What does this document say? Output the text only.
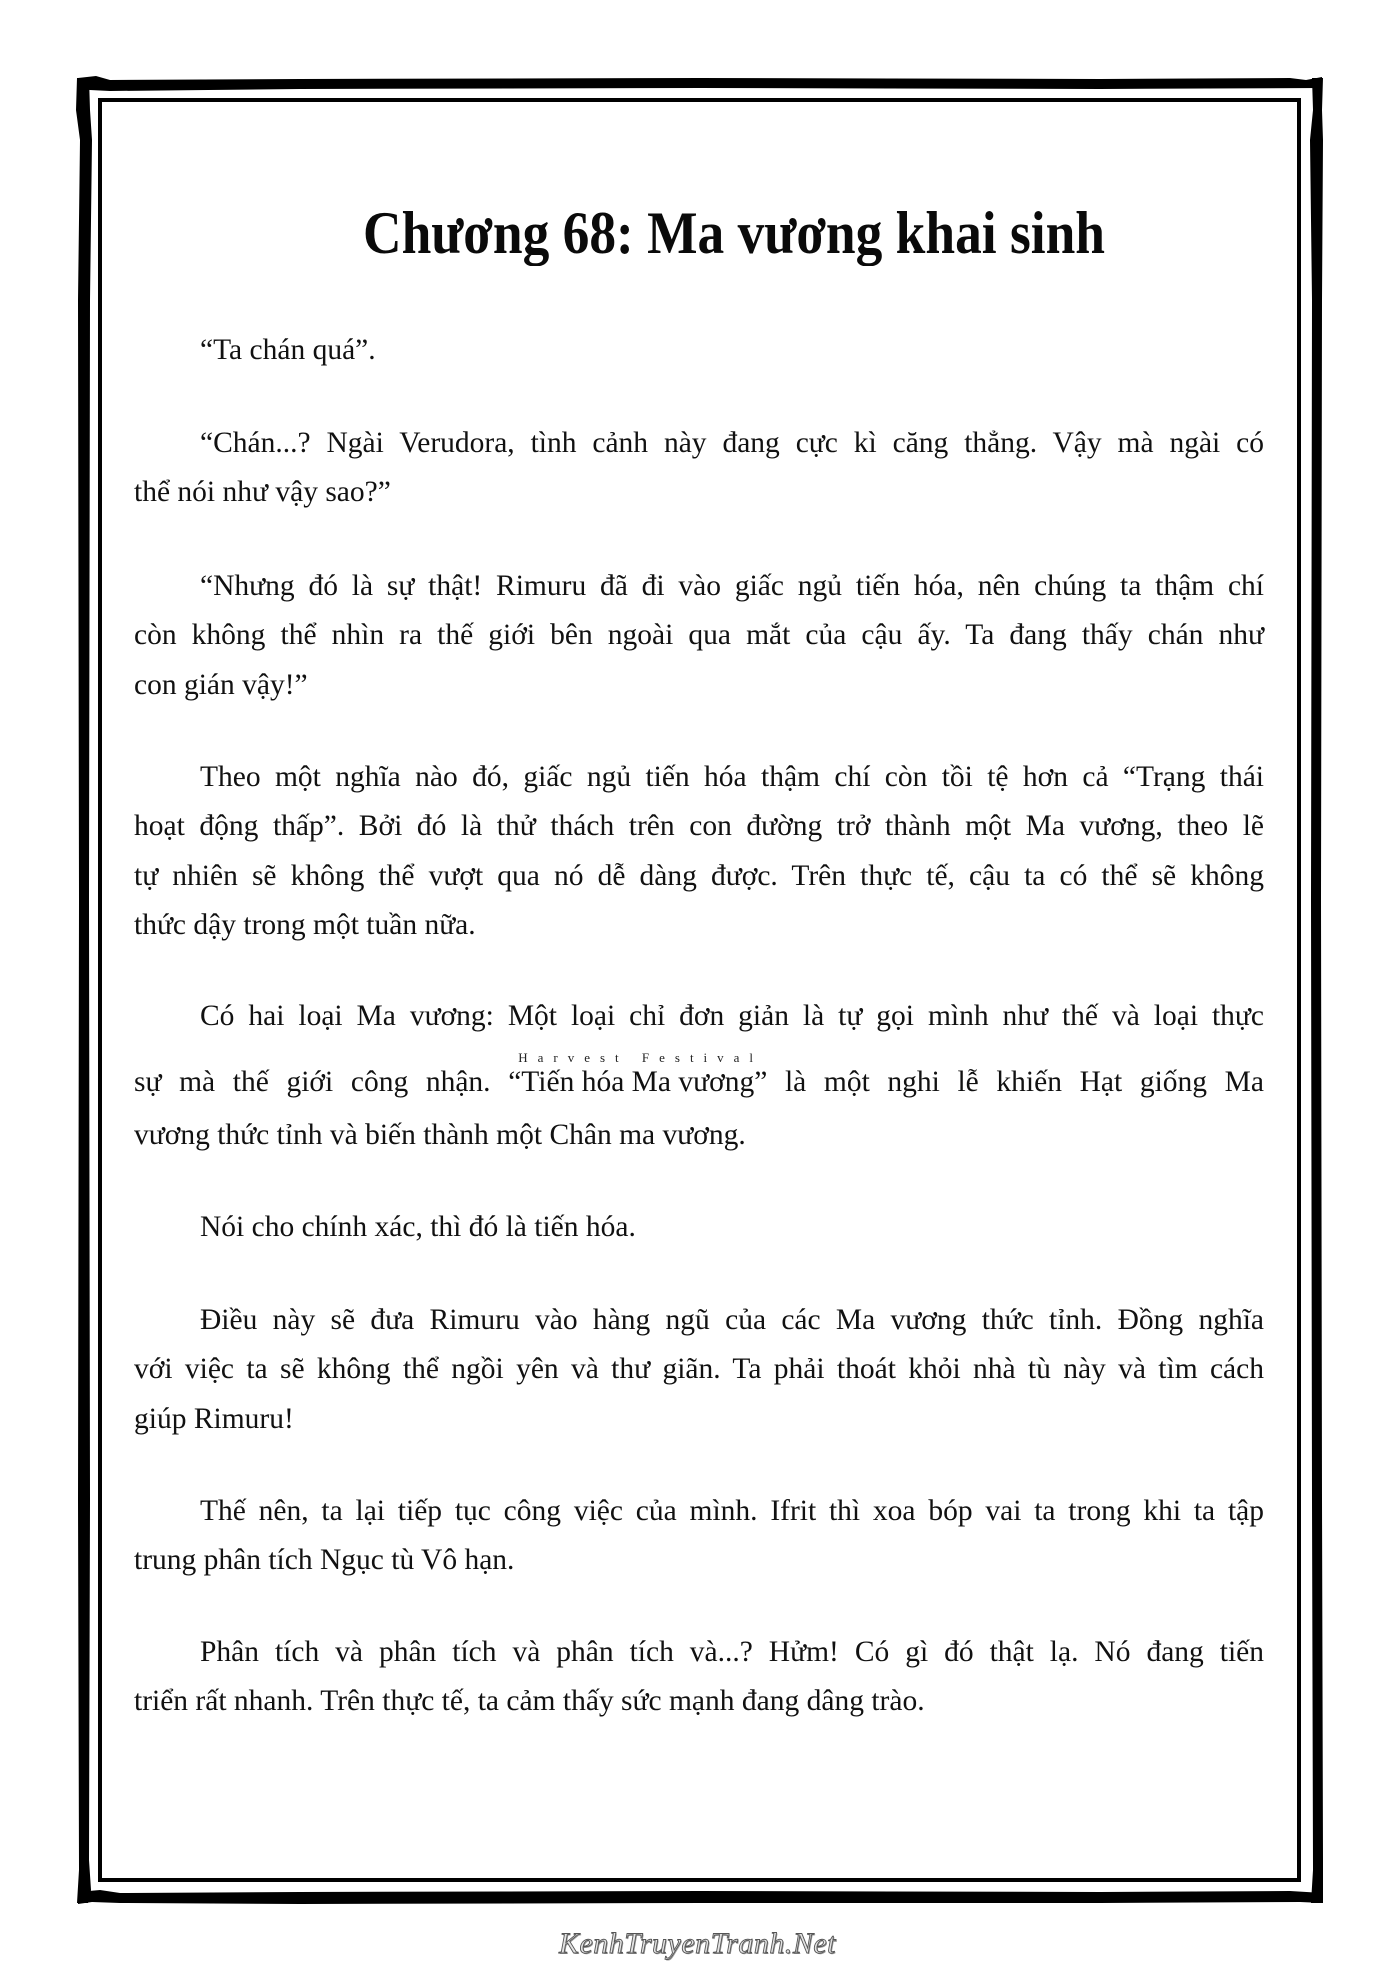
Chương 68: Ma vương khai sinh
“Ta chán quá”.
“Chán...? Ngài Verudora, tình cảnh này đang cực kì căng thẳng. Vậy mà ngài có
thể nói như vậy sao?”
“Nhưng đó là sự thật! Rimuru đã đi vào giấc ngủ tiến hóa, nên chúng ta thậm chí
còn không thể nhìn ra thế giới bên ngoài qua mắt của cậu ấy. Ta đang thấy chán như
con gián vậy!”
Theo một nghĩa nào đó, giấc ngủ tiến hóa thậm chí còn tồi tệ hơn cả “Trạng thái
hoạt động thấp”. Bởi đó là thử thách trên con đường trở thành một Ma vương, theo lẽ
tự nhiên sẽ không thể vượt qua nó dễ dàng được. Trên thực tế, cậu ta có thể sẽ không
thức dậy trong một tuần nữa.
Có hai loại Ma vương: Một loại chỉ đơn giản là tự gọi mình như thế và loại thực
sự mà thế giới công nhận.
Harvest Festival
“Tiến hóa Ma vương” là một nghi lễ khiến Hạt giống Ma
vương thức tỉnh và biến thành một Chân ma vương.
Nói cho chính xác, thì đó là tiến hóa.
Điều này sẽ đưa Rimuru vào hàng ngũ của các Ma vương thức tỉnh. Đồng nghĩa
với việc ta sẽ không thể ngồi yên và thư giãn. Ta phải thoát khỏi nhà tù này và tìm cách
giúp Rimuru!
Thế nên, ta lại tiếp tục công việc của mình. Ifrit thì xoa bóp vai ta trong khi ta tập
trung phân tích Ngục tù Vô hạn.
Phân tích và phân tích và phân tích và...? Hửm! Có gì đó thật lạ. Nó đang tiến
triển rất nhanh. Trên thực tế, ta cảm thấy sức mạnh đang dâng trào.
KenhTruyenTranh.Net
